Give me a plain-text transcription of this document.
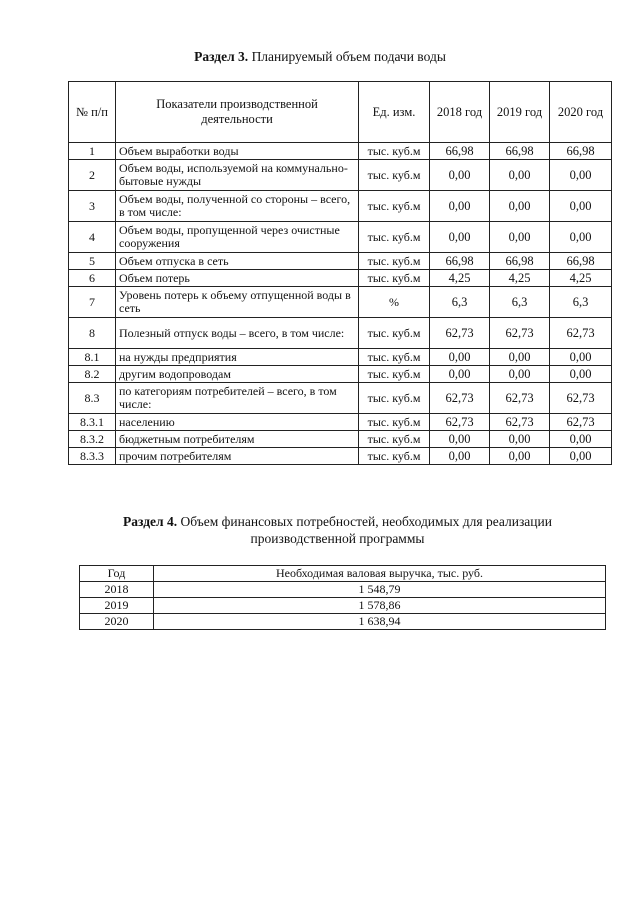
Раздел 3. Планируемый объем подачи воды
№ п/п	Показатели производственной деятельности	Ед. изм.	2018 год	2019 год	2020 год
1	Объем выработки воды	тыс. куб.м	66,98	66,98	66,98
2	Объем воды, используемой на коммунально-бытовые нужды	тыс. куб.м	0,00	0,00	0,00
3	Объем воды, полученной со стороны – всего, в том числе:	тыс. куб.м	0,00	0,00	0,00
4	Объем воды, пропущенной через очистные сооружения	тыс. куб.м	0,00	0,00	0,00
5	Объем отпуска в сеть	тыс. куб.м	66,98	66,98	66,98
6	Объем потерь	тыс. куб.м	4,25	4,25	4,25
7	Уровень потерь к объему отпущенной воды в сеть	%	6,3	6,3	6,3
8	Полезный отпуск воды – всего, в том числе:	тыс. куб.м	62,73	62,73	62,73
8.1	на нужды предприятия	тыс. куб.м	0,00	0,00	0,00
8.2	другим водопроводам	тыс. куб.м	0,00	0,00	0,00
8.3	по категориям потребителей – всего, в том числе:	тыс. куб.м	62,73	62,73	62,73
8.3.1	населению	тыс. куб.м	62,73	62,73	62,73
8.3.2	бюджетным потребителям	тыс. куб.м	0,00	0,00	0,00
8.3.3	прочим потребителям	тыс. куб.м	0,00	0,00	0,00
Раздел 4. Объем финансовых потребностей, необходимых для реализации производственной программы
Год	Необходимая валовая выручка, тыс. руб.
2018	1 548,79
2019	1 578,86
2020	1 638,94
